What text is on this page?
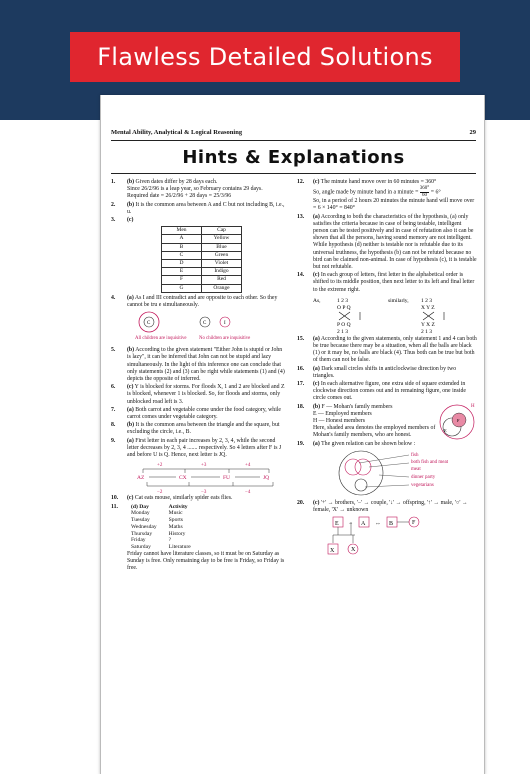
Flawless Detailed Solutions
Mental Ability, Analytical & Logical Reasoning	29
Hints & Explanations
1. (b) Given dates differ by 28 days each.
Since 26/2/96 is a leap year, so February contains 29 days.
Required date = 26/2/96 + 28 days = 25/3/96
2. (b) It is the common area between A and C but not including B, i.e., u.
3. (c)
Men	Cap
A	Yellow
B	Blue
C	Green
D	Violet
E	Indigo
F	Red
G	Orange
4. (a) As I and III contradict and are opposite to each other. So they cannot be tru e simultaneously.
C	C	I
All children are inquisitive	No children are inquisitive
5. (b) According to the given statement "Either John is stupid or John is lazy", it can be inferred that John can not be stupid and lazy simultaneously. In the light of this inference one can conclude that only statements (2) and (3) can be right while statements (1) and (4) depicts the opposite of inferred.
6. (c) Y is blocked for storms. For floods X, 1 and 2 are blocked and Z is blocked, whenever 1 is blocked. So, for floods and storms, only unblocked road left is 3.
7. (a) Both carrot and vegetable come under the food category, while carrot comes under vegetable category.
8. (b) It is the common area between the triangle and the square, but excluding the circle, i.e., B.
9. (a) First letter in each pair increases by 2, 3, 4, while the second letter decreases by 2, 3, 4 ....... respectively. So 4 letters after F is J and before U is Q. Hence, next letter is JQ.
+2	+3	+4
AZ	CX	FU	JQ
−2	−3	−4
10. (c) Cat eats mouse, similarly spider eats flies.
11. (d) Day	Activity
Monday	Music
Tuesday	Sports
Wednesday	Maths
Thursday	History
Friday	?
Saturday	Literature
Friday cannot have literature classes, so it must be on Saturday as Sunday is free. Only remaining day to be free is Friday, so Friday is free.
12. (c) The minute hand move over in 60 minutes = 360°
So, angle made by minute hand in a minute = $\frac{360^\circ}{60} = 6^\circ$
So, in a period of 2 hours 20 minutes the minute hand will move over = 6 × 140° = 840°
13. (a) According to both the characteristics of the hypothesis, (a) only satisfies the criteria because in case of being testable, intelligent person can be tested positively and in case of refutation also it can be shown that all the persons, having sound memory are not intelligent. While hypothesis (d) neither is testable nor is refutable due to its universal truthness, the hypothesis (b) can not be refuted because no bird can be claimed non-animal. In case of hypothesis (c), it is testable but not refutable.
14. (c) In each group of letters, first letter in the alphabetical order is shifted to its middle position, then next letter to its left and final letter to the extreme right.
As,	1 2 3
O P Q
P O Q
2 1 3
similarly, 1 2 3
X Y Z
Y X Z
2 1 3
15. (a) According to the given statements, only statement 1 and 4 can both be true because there may be a situation, when all the balls are black (1) or it may be, no balls are black (4). Thus both can be true but both of them can not be false.
16. (a) Dark small circles shifts in anticlockwise direction by two triangles.
17. (c) In each alternative figure, one extra side of square extended in clockwise direction comes out and in remaining figure, one inside circle comes out.
18. (b) F — Mohan's family members
E — Employed members
H — Honest members
Here, shaded area denotes the employed members of Mohan's family members, who are honest.
H
F
E
19. (a) The given relation can be shown below :
fish
both fish and meat
meat
dinner party
vegetarians
20. (c) '+' → brothers, '−' → couple, '↓' → offspring, '↑' → male, '○' → female, 'X' → unknown
E − A ⇔ B	F
X	X
